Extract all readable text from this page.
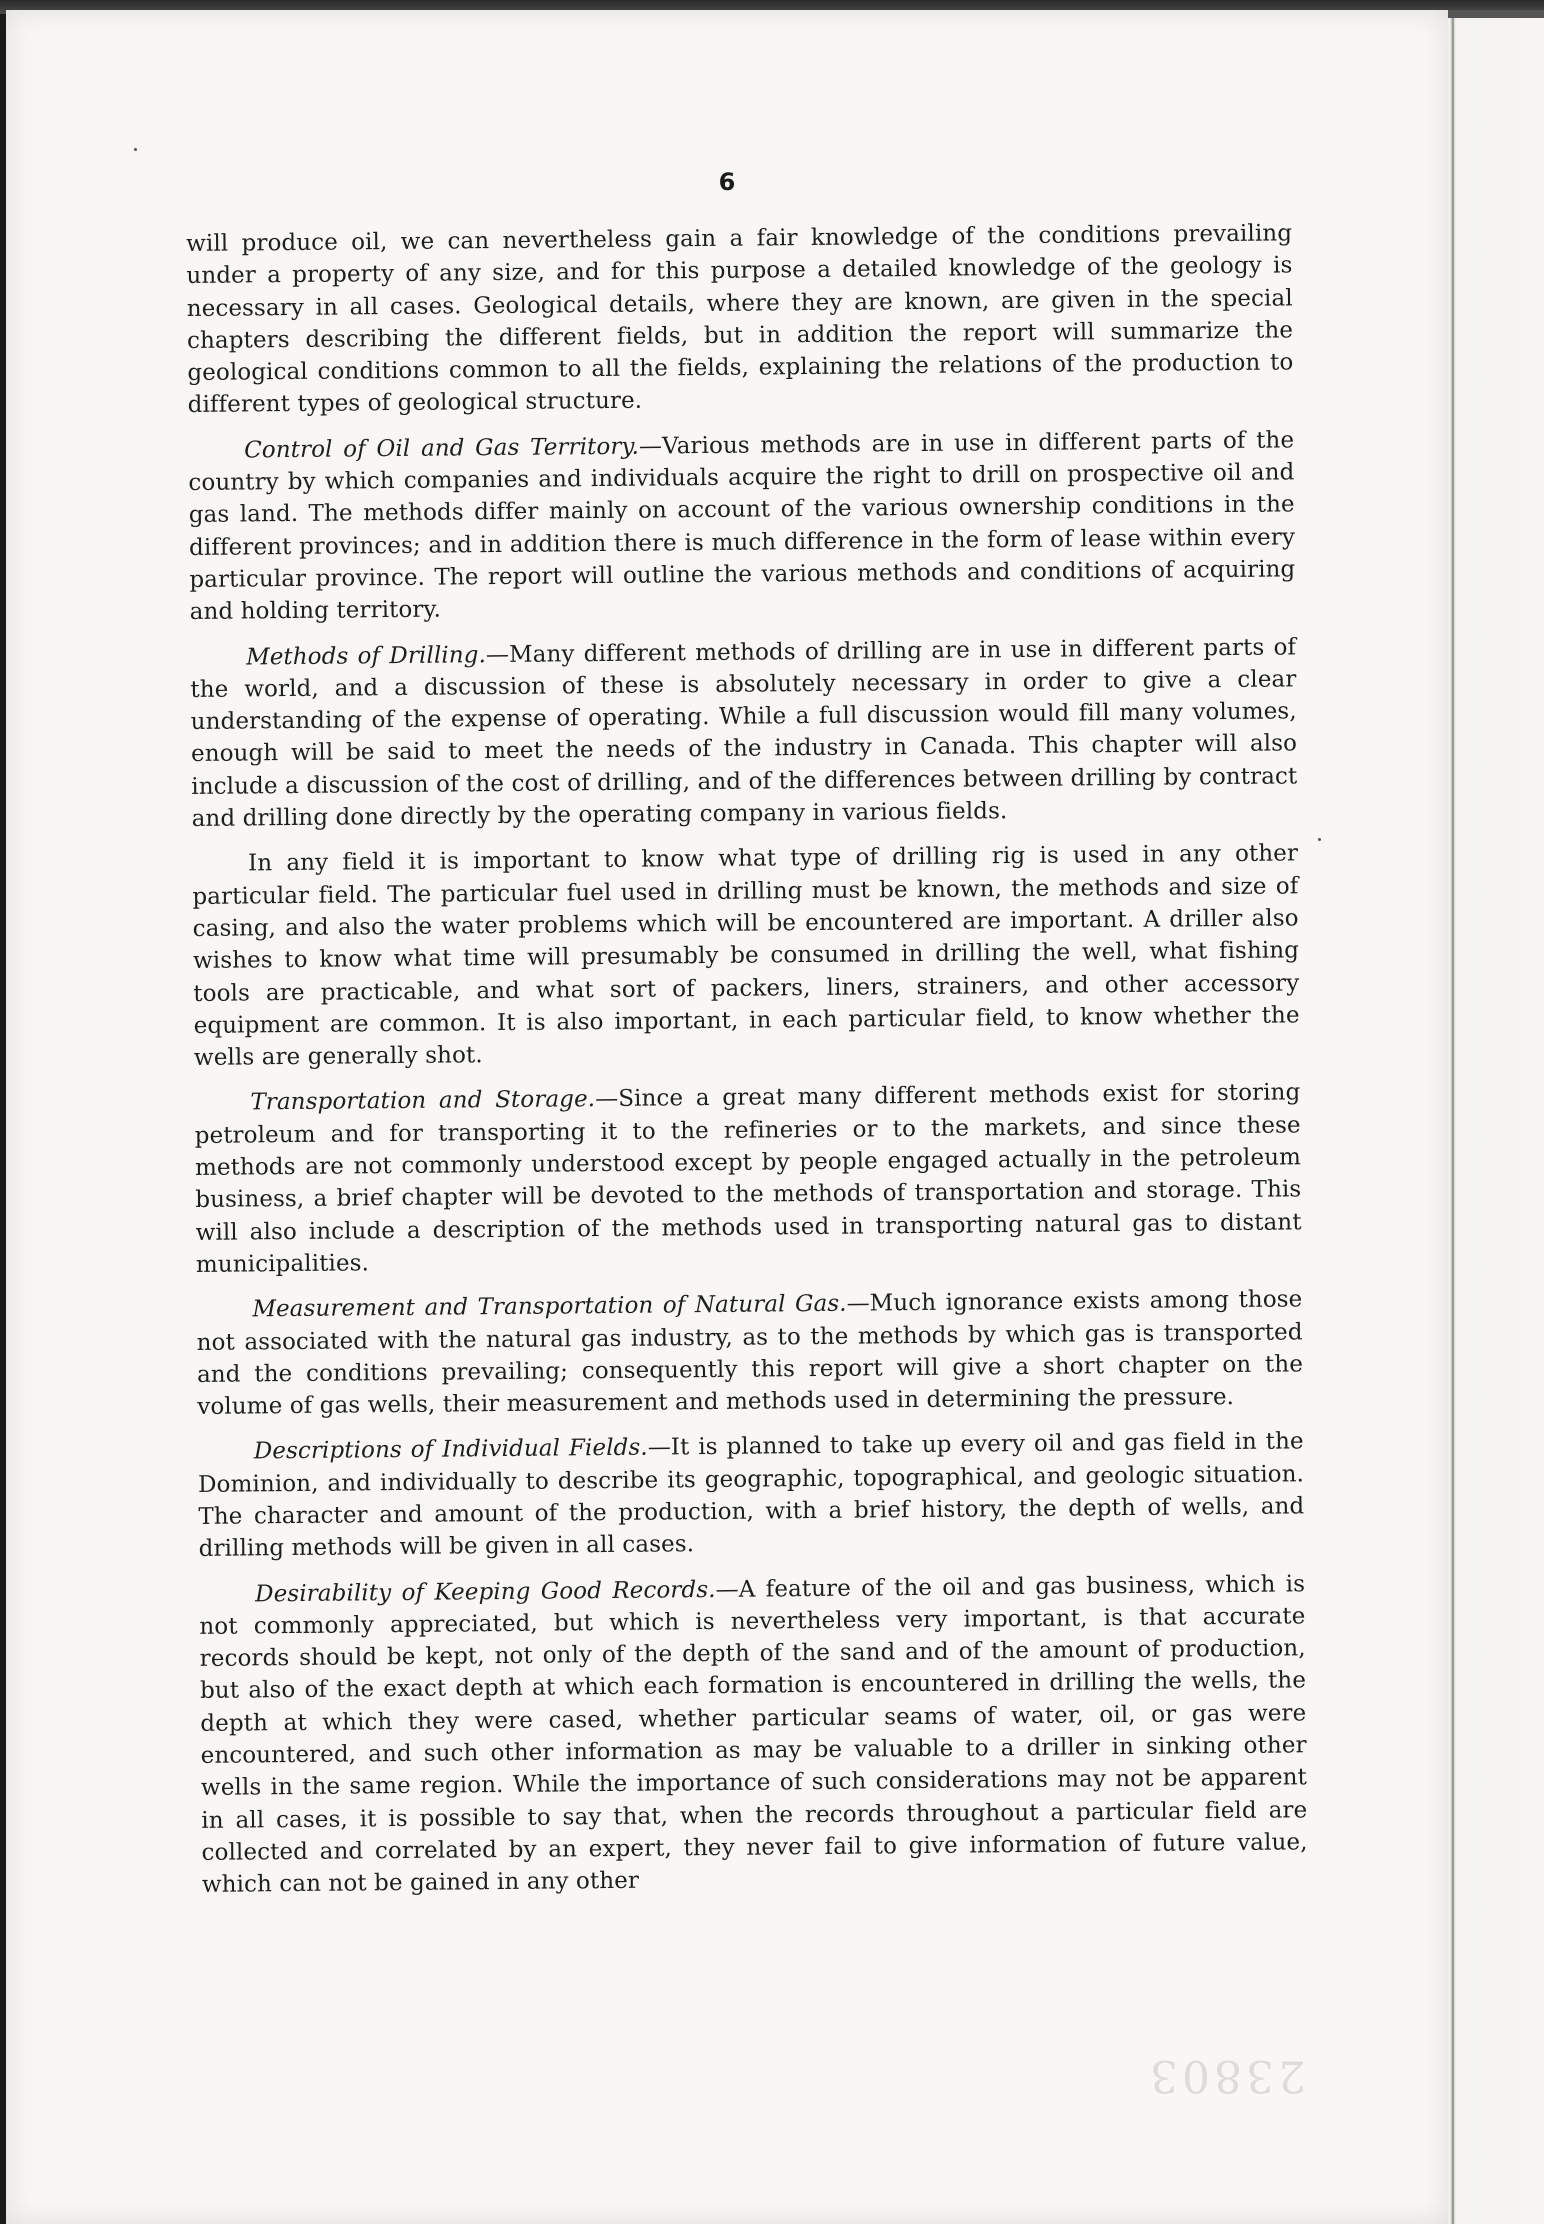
6

will produce oil, we can nevertheless gain a fair knowledge of the conditions prevailing under a property of any size, and for this purpose a detailed knowledge of the geology is necessary in all cases. Geological details, where they are known, are given in the special chapters describing the different fields, but in addition the report will summarize the geological conditions common to all the fields, explaining the relations of the production to different types of geological structure.

Control of Oil and Gas Territory.—Various methods are in use in different parts of the country by which companies and individuals acquire the right to drill on prospective oil and gas land. The methods differ mainly on account of the various ownership conditions in the different provinces; and in addition there is much difference in the form of lease within every particular province. The report will outline the various methods and conditions of acquiring and holding territory.

Methods of Drilling.—Many different methods of drilling are in use in different parts of the world, and a discussion of these is absolutely necessary in order to give a clear understanding of the expense of operating. While a full discussion would fill many volumes, enough will be said to meet the needs of the industry in Canada. This chapter will also include a discussion of the cost of drilling, and of the differences between drilling by contract and drilling done directly by the operating company in various fields.

In any field it is important to know what type of drilling rig is used in any other particular field. The particular fuel used in drilling must be known, the methods and size of casing, and also the water problems which will be encountered are important. A driller also wishes to know what time will presumably be consumed in drilling the well, what fishing tools are practicable, and what sort of packers, liners, strainers, and other accessory equipment are common. It is also important, in each particular field, to know whether the wells are generally shot.

Transportation and Storage.—Since a great many different methods exist for storing petroleum and for transporting it to the refineries or to the markets, and since these methods are not commonly understood except by people engaged actually in the petroleum business, a brief chapter will be devoted to the methods of transportation and storage. This will also include a description of the methods used in transporting natural gas to distant municipalities.

Measurement and Transportation of Natural Gas.—Much ignorance exists among those not associated with the natural gas industry, as to the methods by which gas is transported and the conditions prevailing; consequently this report will give a short chapter on the volume of gas wells, their measurement and methods used in determining the pressure.

Descriptions of Individual Fields.—It is planned to take up every oil and gas field in the Dominion, and individually to describe its geographic, topographical, and geologic situation. The character and amount of the production, with a brief history, the depth of wells, and drilling methods will be given in all cases.

Desirability of Keeping Good Records.—A feature of the oil and gas business, which is not commonly appreciated, but which is nevertheless very important, is that accurate records should be kept, not only of the depth of the sand and of the amount of production, but also of the exact depth at which each formation is encountered in drilling the wells, the depth at which they were cased, whether particular seams of water, oil, or gas were encountered, and such other information as may be valuable to a driller in sinking other wells in the same region. While the importance of such considerations may not be apparent in all cases, it is possible to say that, when the records throughout a particular field are collected and correlated by an expert, they never fail to give information of future value, which can not be gained in any other

23803
